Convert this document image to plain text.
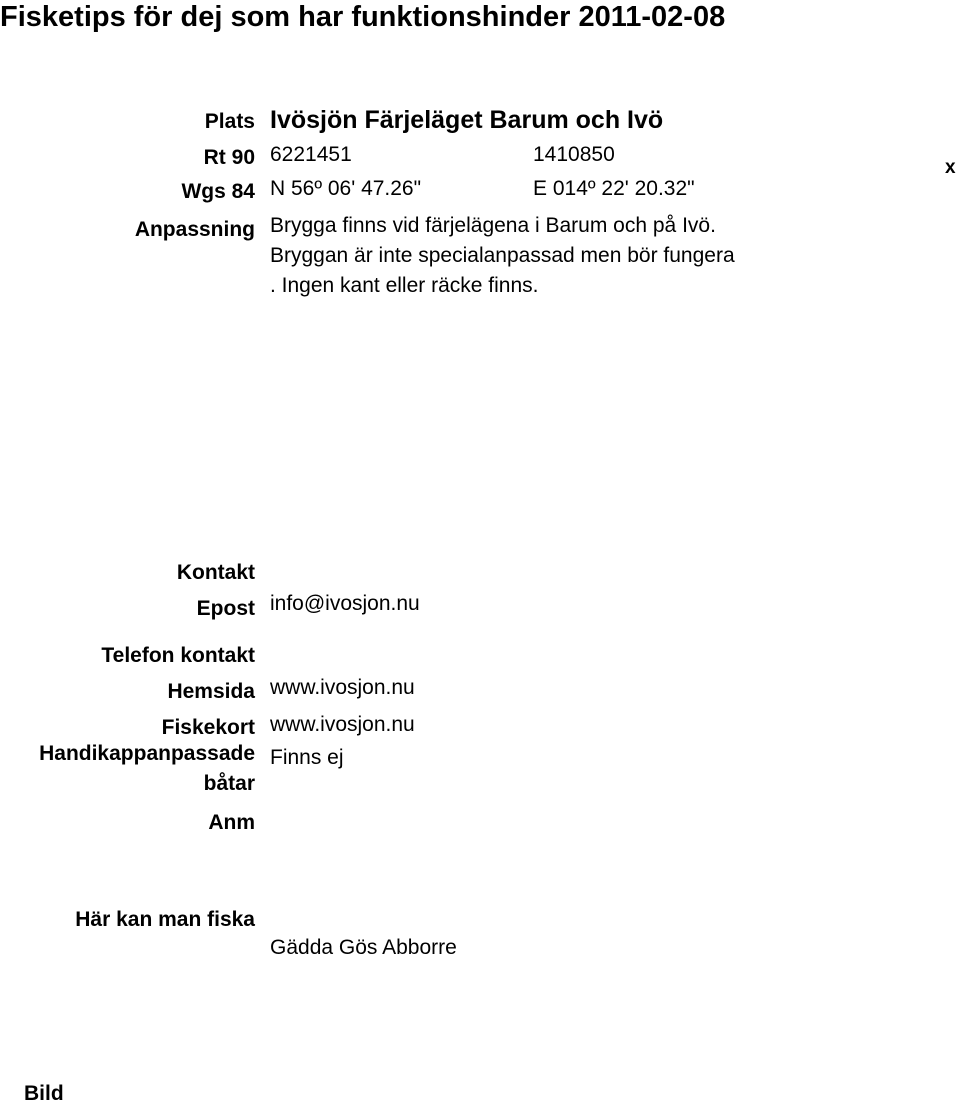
Fisketips för dej som har funktionshinder 2011-02-08
Plats Ivösjön Färjeläget Barum och Ivö
Rt 90 6221451	1410850
Wgs 84 N 56º 06' 47.26"	E 014º 22' 20.32"
x
Anpassning Brygga finns vid färjelägena i Barum och på Ivö. Bryggan är inte specialanpassad men bör fungera . Ingen kant eller räcke finns.
Kontakt
Epost info@ivosjon.nu
Telefon kontakt
Hemsida www.ivosjon.nu
Fiskekort www.ivosjon.nu
Handikappanpassade båtar
Finns ej
Anm
Här kan man fiska
Gädda Gös Abborre
Bild
